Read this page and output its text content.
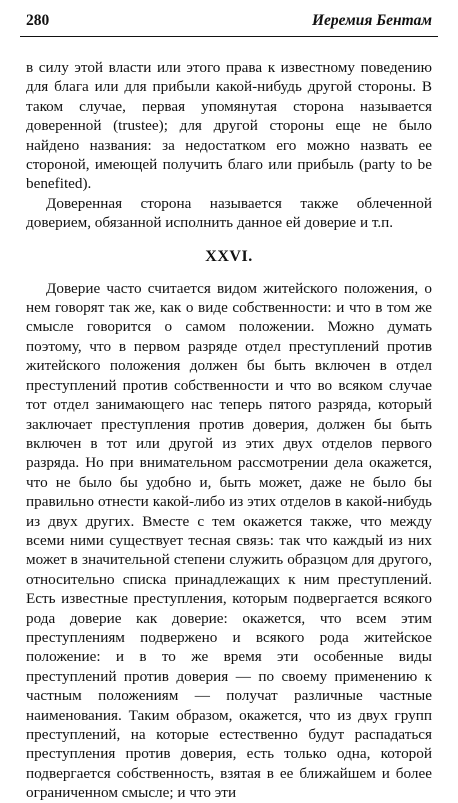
280	Иеремия Бентам

в силу этой власти или этого права к известному поведению для блага или для прибыли какой-нибудь другой стороны. В таком случае, первая упомянутая сторона называется доверенной (trustee); для другой стороны еще не было найдено названия: за недостатком его можно назвать ее стороной, имеющей получить благо или прибыль (party to be benefited).

Доверенная сторона называется также облеченной доверием, обязанной исполнить данное ей доверие и т.п.

XXVI.

Доверие часто считается видом житейского положения, о нем говорят так же, как о виде собственности: и что в том же смысле говорится о самом положении. Можно думать поэтому, что в первом разряде отдел преступлений против житейского положения должен бы быть включен в отдел преступлений против собственности и что во всяком случае тот отдел занимающего нас теперь пятого разряда, который заключает преступления против доверия, должен бы быть включен в тот или другой из этих двух отделов первого разряда. Но при внимательном рассмотрении дела окажется, что не было бы удобно и, быть может, даже не было бы правильно отнести какой-либо из этих отделов в какой-нибудь из двух других. Вместе с тем окажется также, что между всеми ними существует тесная связь: так что каждый из них может в значительной степени служить образцом для другого, относительно списка принадлежащих к ним преступлений. Есть известные преступления, которым подвергается всякого рода доверие как доверие: окажется, что всем этим преступлениям подвержено и всякого рода житейское положение: и в то же время эти особенные виды преступлений против доверия — по своему применению к частным положениям — получат различные частные наименования. Таким образом, окажется, что из двух групп преступлений, на которые естественно будут распадаться преступления против доверия, есть только одна, которой подвергается собственность, взятая в ее ближайшем и более ограниченном смысле; и что эти
